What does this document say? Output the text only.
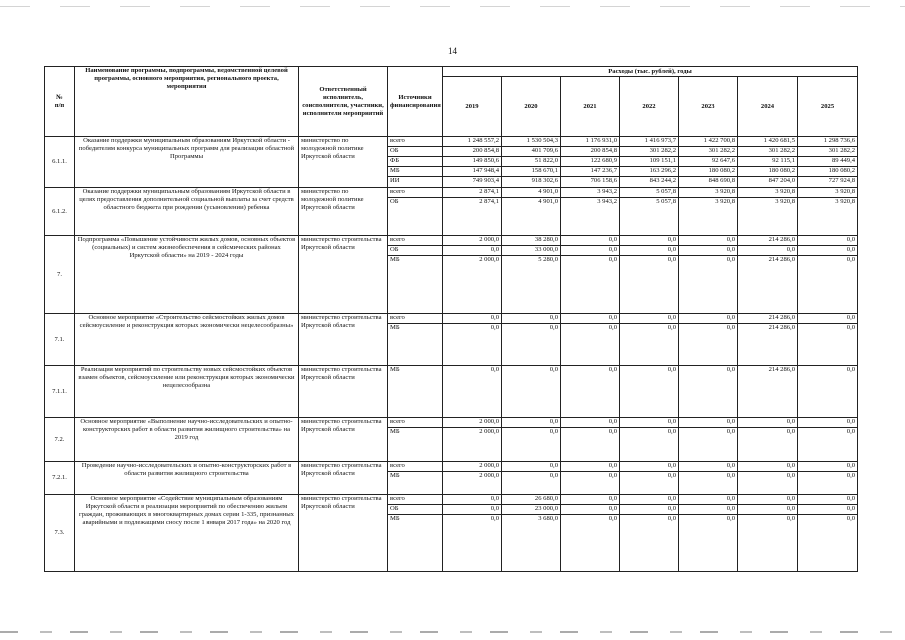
14
№
п/п	Наименование программы, подпрограммы, ведомственной целевой программы, основного мероприятия, регионального проекта, мероприятия	Ответственный исполнитель, соисполнители, участники, исполнители мероприятий	Источники финансирования	Расходы (тыс. рублей), годы						
				2019	2020	2021	2022	2023	2024	2025
6.1.1.	Оказание поддержки муниципальным образованиям Иркутской области - победителям конкурса муниципальных программ для реализации областной Программы	министерство по молодежной политике Иркутской области	всего	1 248 557,2	1 530 504,3	1 176 931,0	1 416 973,7	1 422 700,8	1 420 681,5	1 298 736,6
			ОБ	200 854,8	401 709,6	200 854,8	301 282,2	301 282,2	301 282,2	301 282,2
			ФБ	149 850,6	51 822,0	122 680,9	109 151,1	92 647,6	92 115,1	89 449,4
			МБ	147 948,4	158 670,1	147 236,7	163 296,2	180 080,2	180 080,2	180 080,2
			ИИ	749 903,4	918 302,6	706 158,6	843 244,2	848 690,8	847 204,0	727 924,8
6.1.2.	Оказание поддержки муниципальным образованиям Иркутской области в целях предоставления дополнительной социальной выплаты за счет средств областного бюджета при рождении (усыновлении) ребенка	министерство по молодежной политике Иркутской области	всего	2 874,1	4 901,0	3 943,2	5 057,8	3 920,8	3 920,8	3 920,8
			ОБ	2 874,1	4 901,0	3 943,2	5 057,8	3 920,8	3 920,8	3 920,8
7.	Подпрограмма «Повышение устойчивости жилых домов, основных объектов (социальных) и систем жизнеобеспечения в сейсмических районах Иркутской области» на 2019 - 2024 годы	министерство строительства Иркутской области	всего	2 000,0	38 280,0	0,0	0,0	0,0	214 286,0	0,0
			ОБ	0,0	33 000,0	0,0	0,0	0,0	0,0	0,0
			МБ	2 000,0	5 280,0	0,0	0,0	0,0	214 286,0	0,0
7.1.	Основное мероприятие «Строительство сейсмостойких жилых домов сейсмоусиление и реконструкция которых экономически нецелесообразны»	министерство строительства Иркутской области	всего	0,0	0,0	0,0	0,0	0,0	214 286,0	0,0
			МБ	0,0	0,0	0,0	0,0	0,0	214 286,0	0,0
7.1.1.	Реализация мероприятий по строительству новых сейсмостойких объектов взамен объектов, сейсмоусиление или реконструкция которых экономически нецелесообразна	министерство строительства Иркутской области	МБ	0,0	0,0	0,0	0,0	0,0	214 286,0	0,0
7.2.	Основное мероприятие «Выполнение научно-исследовательских и опытно-конструкторских работ в области развития жилищного строительства» на 2019 год	министерство строительства Иркутской области	всего	2 000,0	0,0	0,0	0,0	0,0	0,0	0,0
			МБ	2 000,0	0,0	0,0	0,0	0,0	0,0	0,0
7.2.1.	Проведение научно-исследовательских и опытно-конструкторских работ в области развития жилищного строительства	министерство строительства Иркутской области	всего	2 000,0	0,0	0,0	0,0	0,0	0,0	0,0
			МБ	2 000,0	0,0	0,0	0,0	0,0	0,0	0,0
7.3.	Основное мероприятие «Содействие муниципальным образованиям Иркутской области в реализации мероприятий по обеспечению жильем граждан, проживающих в многоквартирных домах серии 1-335, признанных аварийными и подлежащими сносу после 1 января 2017 года» на 2020 год	министерство строительства Иркутской области	всего	0,0	26 680,0	0,0	0,0	0,0	0,0	0,0
			ОБ	0,0	23 000,0	0,0	0,0	0,0	0,0	0,0
			МБ	0,0	3 680,0	0,0	0,0	0,0	0,0	0,0
